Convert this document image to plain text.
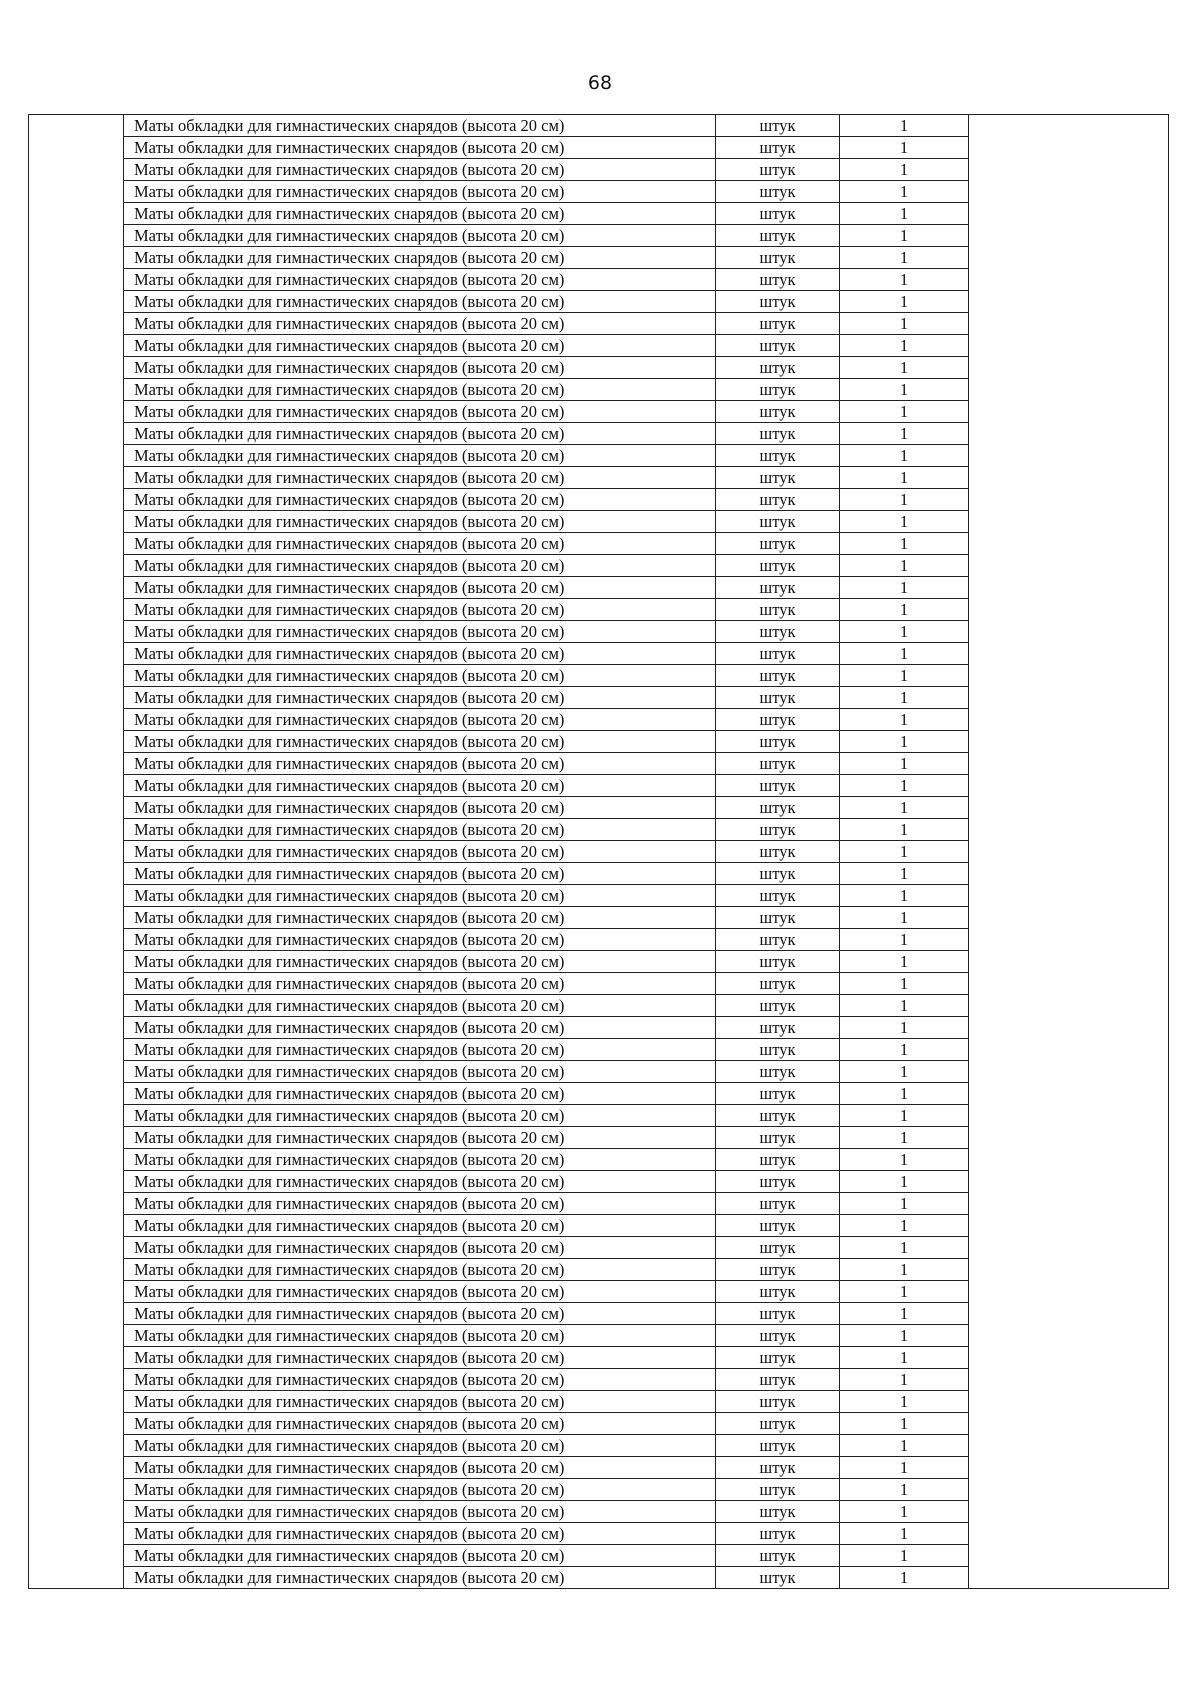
68
	Маты обкладки для гимнастических снарядов (высота 20 см)	штук	1	
	Маты обкладки для гимнастических снарядов (высота 20 см)	штук	1	
	Маты обкладки для гимнастических снарядов (высота 20 см)	штук	1	
	Маты обкладки для гимнастических снарядов (высота 20 см)	штук	1	
	Маты обкладки для гимнастических снарядов (высота 20 см)	штук	1	
	Маты обкладки для гимнастических снарядов (высота 20 см)	штук	1	
	Маты обкладки для гимнастических снарядов (высота 20 см)	штук	1	
	Маты обкладки для гимнастических снарядов (высота 20 см)	штук	1	
	Маты обкладки для гимнастических снарядов (высота 20 см)	штук	1	
	Маты обкладки для гимнастических снарядов (высота 20 см)	штук	1	
	Маты обкладки для гимнастических снарядов (высота 20 см)	штук	1	
	Маты обкладки для гимнастических снарядов (высота 20 см)	штук	1	
	Маты обкладки для гимнастических снарядов (высота 20 см)	штук	1	
	Маты обкладки для гимнастических снарядов (высота 20 см)	штук	1	
	Маты обкладки для гимнастических снарядов (высота 20 см)	штук	1	
	Маты обкладки для гимнастических снарядов (высота 20 см)	штук	1	
	Маты обкладки для гимнастических снарядов (высота 20 см)	штук	1	
	Маты обкладки для гимнастических снарядов (высота 20 см)	штук	1	
	Маты обкладки для гимнастических снарядов (высота 20 см)	штук	1	
	Маты обкладки для гимнастических снарядов (высота 20 см)	штук	1	
	Маты обкладки для гимнастических снарядов (высота 20 см)	штук	1	
	Маты обкладки для гимнастических снарядов (высота 20 см)	штук	1	
	Маты обкладки для гимнастических снарядов (высота 20 см)	штук	1	
	Маты обкладки для гимнастических снарядов (высота 20 см)	штук	1	
	Маты обкладки для гимнастических снарядов (высота 20 см)	штук	1	
	Маты обкладки для гимнастических снарядов (высота 20 см)	штук	1	
	Маты обкладки для гимнастических снарядов (высота 20 см)	штук	1	
	Маты обкладки для гимнастических снарядов (высота 20 см)	штук	1	
	Маты обкладки для гимнастических снарядов (высота 20 см)	штук	1	
	Маты обкладки для гимнастических снарядов (высота 20 см)	штук	1	
	Маты обкладки для гимнастических снарядов (высота 20 см)	штук	1	
	Маты обкладки для гимнастических снарядов (высота 20 см)	штук	1	
	Маты обкладки для гимнастических снарядов (высота 20 см)	штук	1	
	Маты обкладки для гимнастических снарядов (высота 20 см)	штук	1	
	Маты обкладки для гимнастических снарядов (высота 20 см)	штук	1	
	Маты обкладки для гимнастических снарядов (высота 20 см)	штук	1	
	Маты обкладки для гимнастических снарядов (высота 20 см)	штук	1	
	Маты обкладки для гимнастических снарядов (высота 20 см)	штук	1	
	Маты обкладки для гимнастических снарядов (высота 20 см)	штук	1	
	Маты обкладки для гимнастических снарядов (высота 20 см)	штук	1	
	Маты обкладки для гимнастических снарядов (высота 20 см)	штук	1	
	Маты обкладки для гимнастических снарядов (высота 20 см)	штук	1	
	Маты обкладки для гимнастических снарядов (высота 20 см)	штук	1	
	Маты обкладки для гимнастических снарядов (высота 20 см)	штук	1	
	Маты обкладки для гимнастических снарядов (высота 20 см)	штук	1	
	Маты обкладки для гимнастических снарядов (высота 20 см)	штук	1	
	Маты обкладки для гимнастических снарядов (высота 20 см)	штук	1	
	Маты обкладки для гимнастических снарядов (высота 20 см)	штук	1	
	Маты обкладки для гимнастических снарядов (высота 20 см)	штук	1	
	Маты обкладки для гимнастических снарядов (высота 20 см)	штук	1	
	Маты обкладки для гимнастических снарядов (высота 20 см)	штук	1	
	Маты обкладки для гимнастических снарядов (высота 20 см)	штук	1	
	Маты обкладки для гимнастических снарядов (высота 20 см)	штук	1	
	Маты обкладки для гимнастических снарядов (высота 20 см)	штук	1	
	Маты обкладки для гимнастических снарядов (высота 20 см)	штук	1	
	Маты обкладки для гимнастических снарядов (высота 20 см)	штук	1	
	Маты обкладки для гимнастических снарядов (высота 20 см)	штук	1	
	Маты обкладки для гимнастических снарядов (высота 20 см)	штук	1	
	Маты обкладки для гимнастических снарядов (высота 20 см)	штук	1	
	Маты обкладки для гимнастических снарядов (высота 20 см)	штук	1	
	Маты обкладки для гимнастических снарядов (высота 20 см)	штук	1	
	Маты обкладки для гимнастических снарядов (высота 20 см)	штук	1	
	Маты обкладки для гимнастических снарядов (высота 20 см)	штук	1	
	Маты обкладки для гимнастических снарядов (высота 20 см)	штук	1	
	Маты обкладки для гимнастических снарядов (высота 20 см)	штук	1	
	Маты обкладки для гимнастических снарядов (высота 20 см)	штук	1	
	Маты обкладки для гимнастических снарядов (высота 20 см)	штук	1	
